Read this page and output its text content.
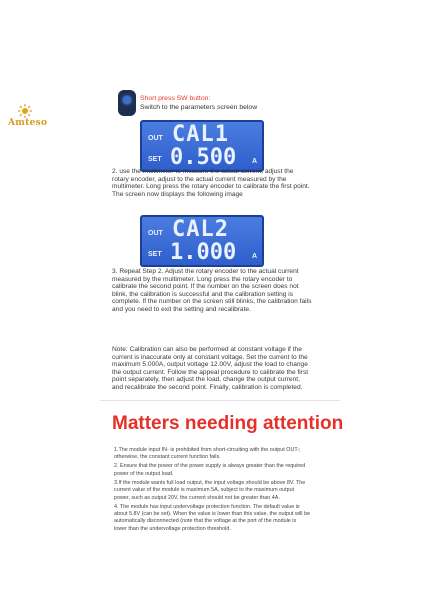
Amteso
Short press SW button:
Switch to the parameters screen below
OUT CAL1
SET 0.500 A
2. use the multimeter to measure the actual current, adjust the rotary encoder, adjust to the actual current measured by the multimeter. Long press the rotary encoder to calibrate the first point. The screen now displays the following image
OUT CAL2
SET 1.000 A
3. Repeat Step 2. Adjust the rotary encoder to the actual current measured by the multimeter. Long press the rotary encoder to calibrate the second point. If the number on the screen does not blink, the calibration is successful and the calibration setting is complete. If the number on the screen still blinks, the calibration fails and you need to exit the setting and recalibrate.
Note: Calibration can also be performed at constant voltage if the current is inaccurate only at constant voltage. Set the current to the maximum 5.000A, output voltage 12.00V, adjust the load to change the output current. Follow the appeal procedure to calibrate the first point separately, then adjust the load, change the output current, and recalibrate the second point. Finally, calibration is completed.
Matters needing attention
1.The module input IN- is prohibited from short-circuiting with the output OUT-; otherwise, the constant current function fails.
2. Ensure that the power of the power supply is always greater than the required power of the output load.
3.If the module wants full load output, the input voltage should be above 8V. The current value of the module is maximum 5A, subject to the maximum output power, such as output 20V, the current should not be greater than 4A.
4. The module has input undervoltage protection function. The default value is about 5.8V (can be set). When the value is lower than this value, the output will be automatically disconnected (note that the voltage at the port of the module is lower than the undervoltage protection threshold.
